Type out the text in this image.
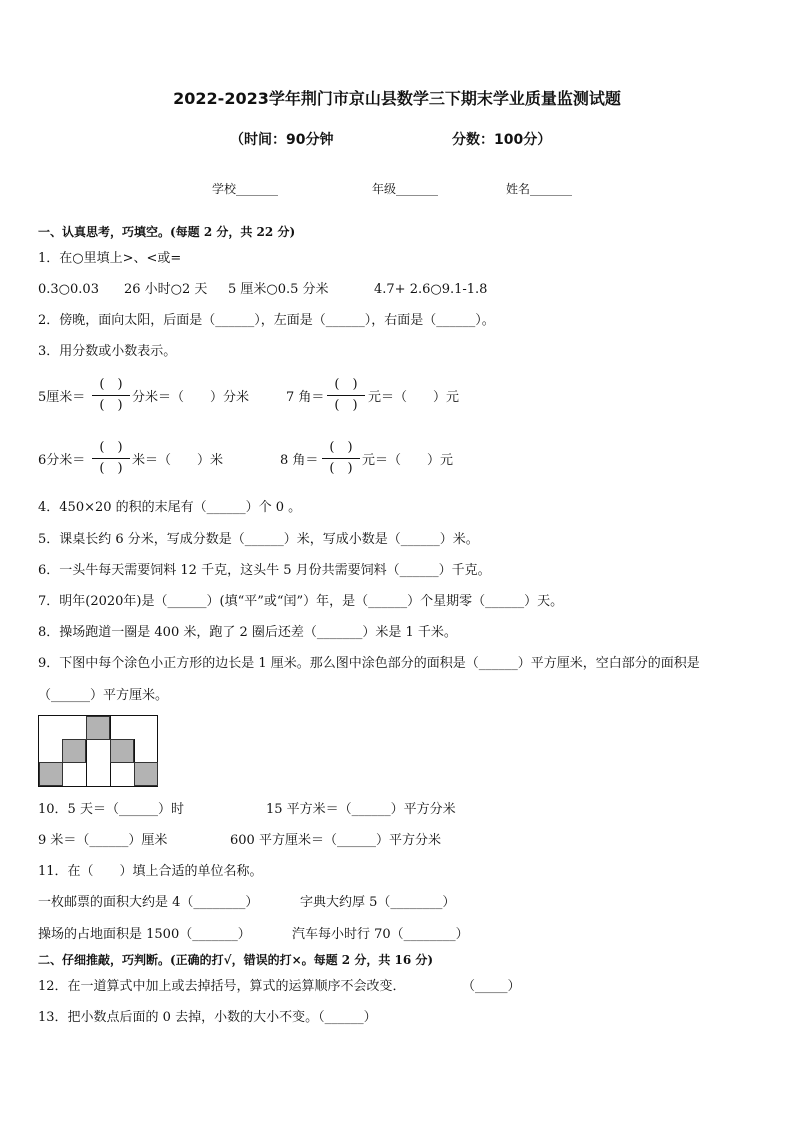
2022-2023学年荆门市京山县数学三下期末学业质量监测试题
（时间：90分钟	分数：100分）
学校_______	年级_______	姓名_______
一、认真思考，巧填空。(每题 2 分，共 22 分)
1．在○里填上>、<或=
0.3○0.03 26 小时○2 天 5 厘米○0.5 分米	4.7+ 2.6○9.1-1.8
2．傍晚，面向太阳，后面是（______），左面是（______），右面是（______）。
3．用分数或小数表示。
5厘米＝
(　)
(　)
分米＝（　　）分米	7 角＝
(　)
(　)
元＝（　　）元
6分米＝
(　)
(　)
米＝（　　）米	8 角＝
(　)
(　)
元＝（　　）元
4．450×20 的积的末尾有（______）个 0 。
5．课桌长约 6 分米，写成分数是（______）米，写成小数是（______）米。
6．一头牛每天需要饲料 12 千克，这头牛 5 月份共需要饲料（______）千克。
7．明年(2020年)是（______）(填“平”或“闰”）年，是（______）个星期零（______）天。
8．操场跑道一圈是 400 米，跑了 2 圈后还差（_______）米是 1 千米。
9．下图中每个涂色小正方形的边长是 1 厘米。那么图中涂色部分的面积是（______）平方厘米，空白部分的面积是
（______）平方厘米。
10．5 天＝（______）时	15 平方米＝（______）平方分米
9 米＝（______）厘米	600 平方厘米＝（______）平方分米
11．在（　　）填上合适的单位名称。
一枚邮票的面积大约是 4（________）	字典大约厚 5（________）
操场的占地面积是 1500（_______）	汽车每小时行 70（________）
二、仔细推敲，巧判断。(正确的打√，错误的打×。每题 2 分，共 16 分)
12．在一道算式中加上或去掉括号，算式的运算顺序不会改变．	（_____）
13．把小数点后面的 0 去掉，小数的大小不变。（______）
